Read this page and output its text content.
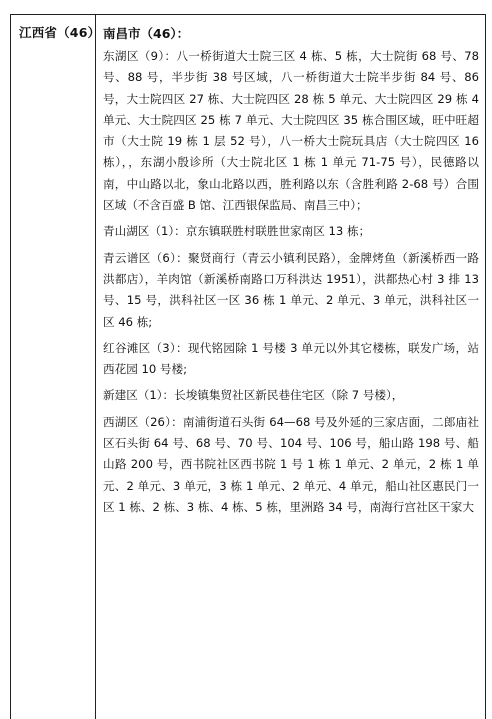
江西省（46） 南昌市（46）：

东湖区（9）：八一桥街道大士院三区 4 栋、5 栋，大士院街 68 号、78 号、88 号，半步街 38 号区域，八一桥街道大士院半步街 84 号、86 号，大士院四区 27 栋、大士院四区 28 栋 5 单元、大士院四区 29 栋 4 单元、大士院四区 25 栋 7 单元、大士院四区 35 栋合围区域，旺中旺超市（大士院 19 栋 1 层 52 号），八一桥大士院玩具店（大士院四区 16 栋），，东湖小殷诊所（大士院北区 1 栋 1 单元 71-75 号），民德路以南，中山路以北，象山北路以西，胜利路以东（含胜利路 2-68 号）合围区域（不含百盛 B 馆、江西银保监局、南昌三中）；

青山湖区（1）：京东镇联胜村联胜世家南区 13 栋；

青云谱区（6）：聚贤商行（青云小镇利民路），金牌烤鱼（新溪桥西一路洪都店），羊肉馆（新溪桥南路口万科洪达 1951），洪都热心村 3 排 13 号、15 号，洪科社区一区 36 栋 1 单元、2 单元、3 单元，洪科社区一区 46 栋;

红谷滩区（3）：现代铭园除 1 号楼 3 单元以外其它楼栋，联发广场，站西花园 10 号楼;

新建区（1）：长埈镇集贸社区新民巷住宅区（除 7 号楼），

西湖区（26）：南浦街道石头街 64—68 号及外延的三家店面，二郎庙社区石头街 64 号、68 号、70 号、104 号、106 号，船山路 198 号、船山路 200 号，西书院社区西书院 1 号 1 栋 1 单元、2 单元，2 栋 1 单元、2 单元、3 单元，3 栋 1 单元、2 单元、4 单元，船山社区惠民门一区 1 栋、2 栋、3 栋、4 栋、5 栋，里洲路 34 号，南海行宫社区干家大
